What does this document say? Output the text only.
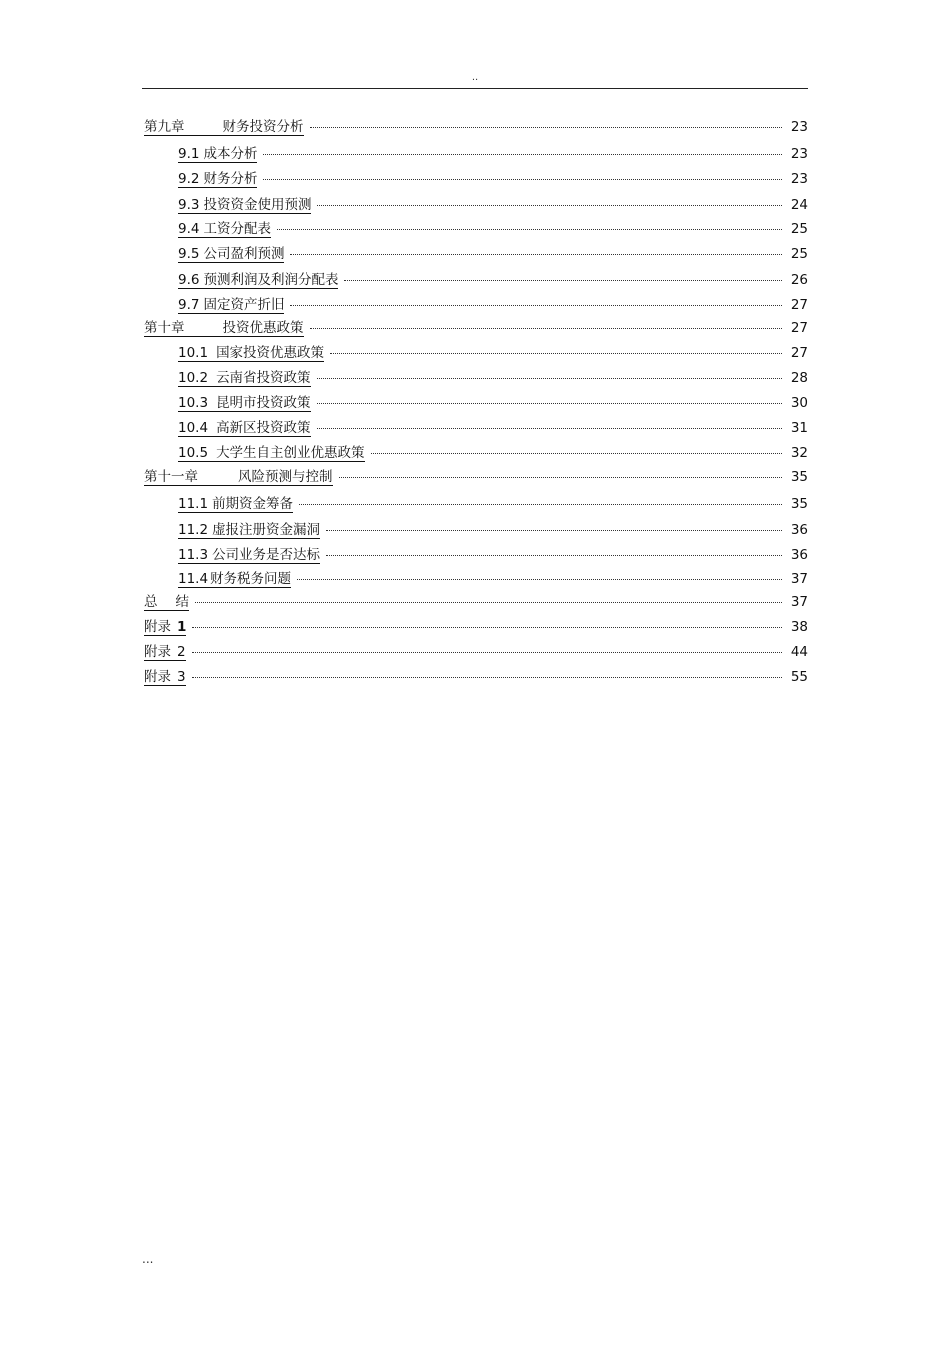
..
第九章	财务投资分析	23
9.1 成本分析	23
9.2 财务分析	23
9.3 投资资金使用预测	24
9.4 工资分配表	25
9.5 公司盈利预测	25
9.6 预测利润及利润分配表	26
9.7 固定资产折旧	27
第十章	投资优惠政策	27
10.1 国家投资优惠政策	27
10.2 云南省投资政策	28
10.3 昆明市投资政策	30
10.4 高新区投资政策	31
10.5 大学生自主创业优惠政策	32
第十一章	风险预测与控制	35
11.1 前期资金筹备	35
11.2 虚报注册资金漏洞	36
11.3 公司业务是否达标	36
11.4 财务税务问题	37
总 结	37
附录 1	38
附录 2	44
附录 3	55
...
